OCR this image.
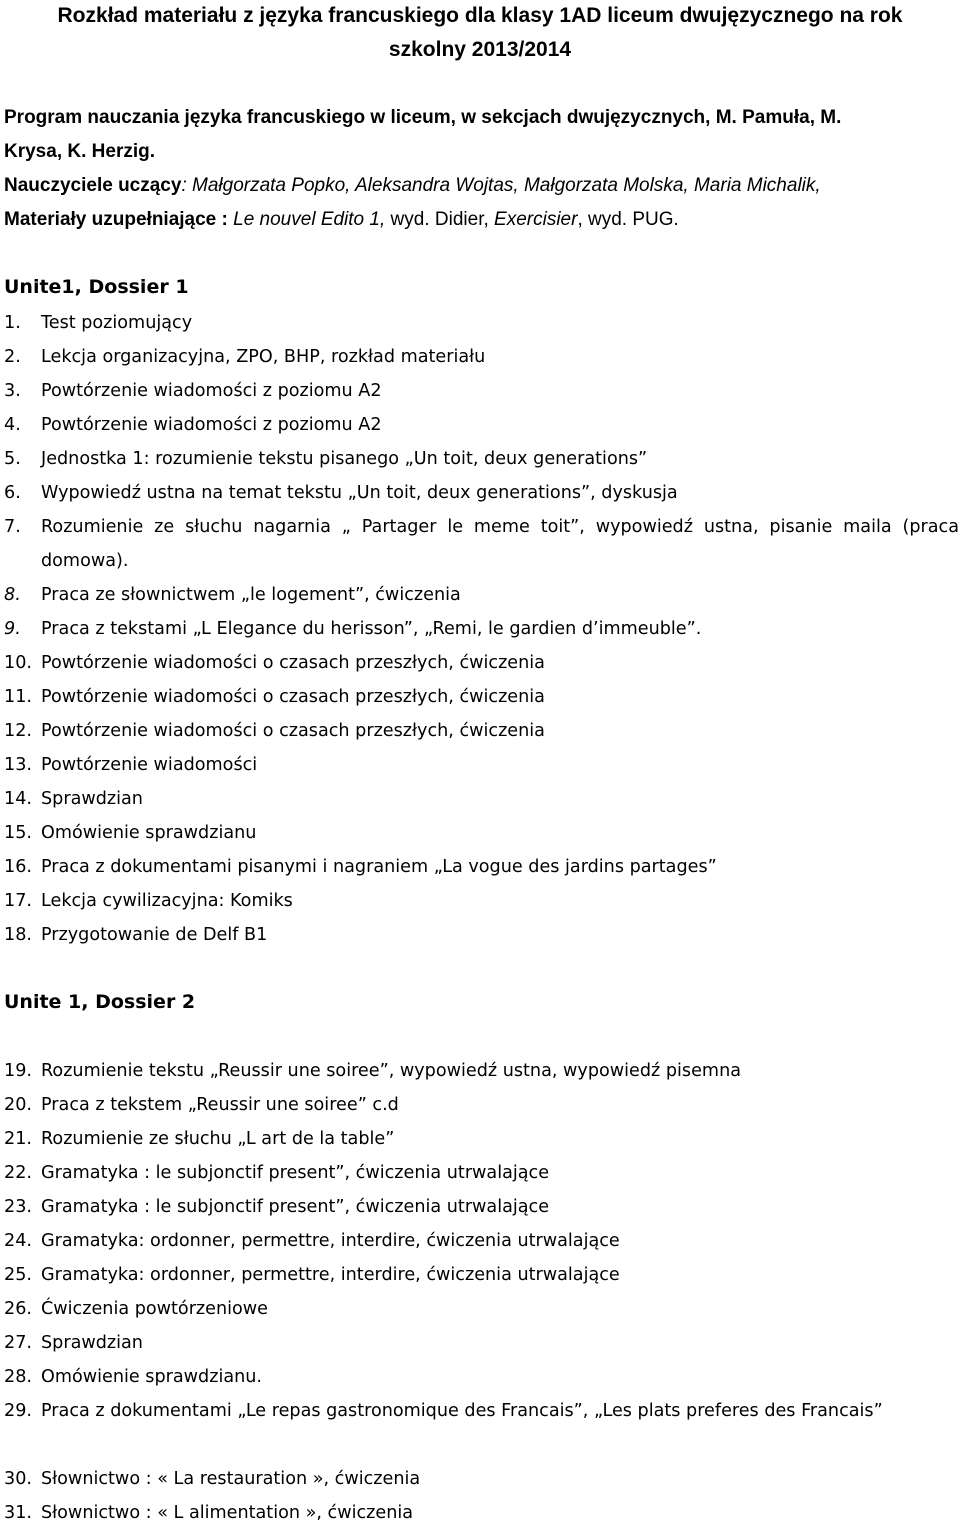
Rozkład materiału z języka francuskiego dla klasy 1AD liceum dwujęzycznego na rok
szkolny 2013/2014
Program nauczania języka francuskiego w liceum, w sekcjach dwujęzycznych, M. Pamuła, M.
Krysa, K. Herzig.
Nauczyciele uczący: Małgorzata Popko, Aleksandra Wojtas, Małgorzata Molska, Maria Michalik,
Materiały uzupełniające : Le nouvel Edito 1, wyd. Didier, Exercisier, wyd. PUG.
Unite1, Dossier 1
1. Test poziomujący
2. Lekcja organizacyjna, ZPO, BHP, rozkład materiału
3. Powtórzenie wiadomości z poziomu A2
4. Powtórzenie wiadomości z poziomu A2
5. Jednostka 1: rozumienie tekstu pisanego „Un toit, deux generations”
6. Wypowiedź ustna na temat tekstu „Un toit, deux generations”, dyskusja
7. Rozumienie ze słuchu nagarnia „ Partager le meme toit”, wypowiedź ustna, pisanie maila (praca domowa).
8. Praca ze słownictwem „le logement”, ćwiczenia
9. Praca z tekstami „L Elegance du herisson”, „Remi, le gardien d’immeuble”.
10. Powtórzenie wiadomości o czasach przeszłych, ćwiczenia
11. Powtórzenie wiadomości o czasach przeszłych, ćwiczenia
12. Powtórzenie wiadomości o czasach przeszłych, ćwiczenia
13. Powtórzenie wiadomości
14. Sprawdzian
15. Omówienie sprawdzianu
16. Praca z dokumentami pisanymi i nagraniem „La vogue des jardins partages”
17. Lekcja cywilizacyjna: Komiks
18. Przygotowanie de Delf B1
Unite 1, Dossier 2
19. Rozumienie tekstu „Reussir une soiree”, wypowiedź ustna, wypowiedź pisemna
20. Praca z tekstem „Reussir une soiree” c.d
21. Rozumienie ze słuchu „L art de la table”
22. Gramatyka : le subjonctif present”, ćwiczenia utrwalające
23. Gramatyka : le subjonctif present”, ćwiczenia utrwalające
24. Gramatyka: ordonner, permettre, interdire, ćwiczenia utrwalające
25. Gramatyka: ordonner, permettre, interdire, ćwiczenia utrwalające
26. Ćwiczenia powtórzeniowe
27. Sprawdzian
28. Omówienie sprawdzianu.
29. Praca z dokumentami „Le repas gastronomique des Francais”, „Les plats preferes des Francais”
30. Słownictwo : « La restauration », ćwiczenia
31. Słownictwo : « L alimentation », ćwiczenia
